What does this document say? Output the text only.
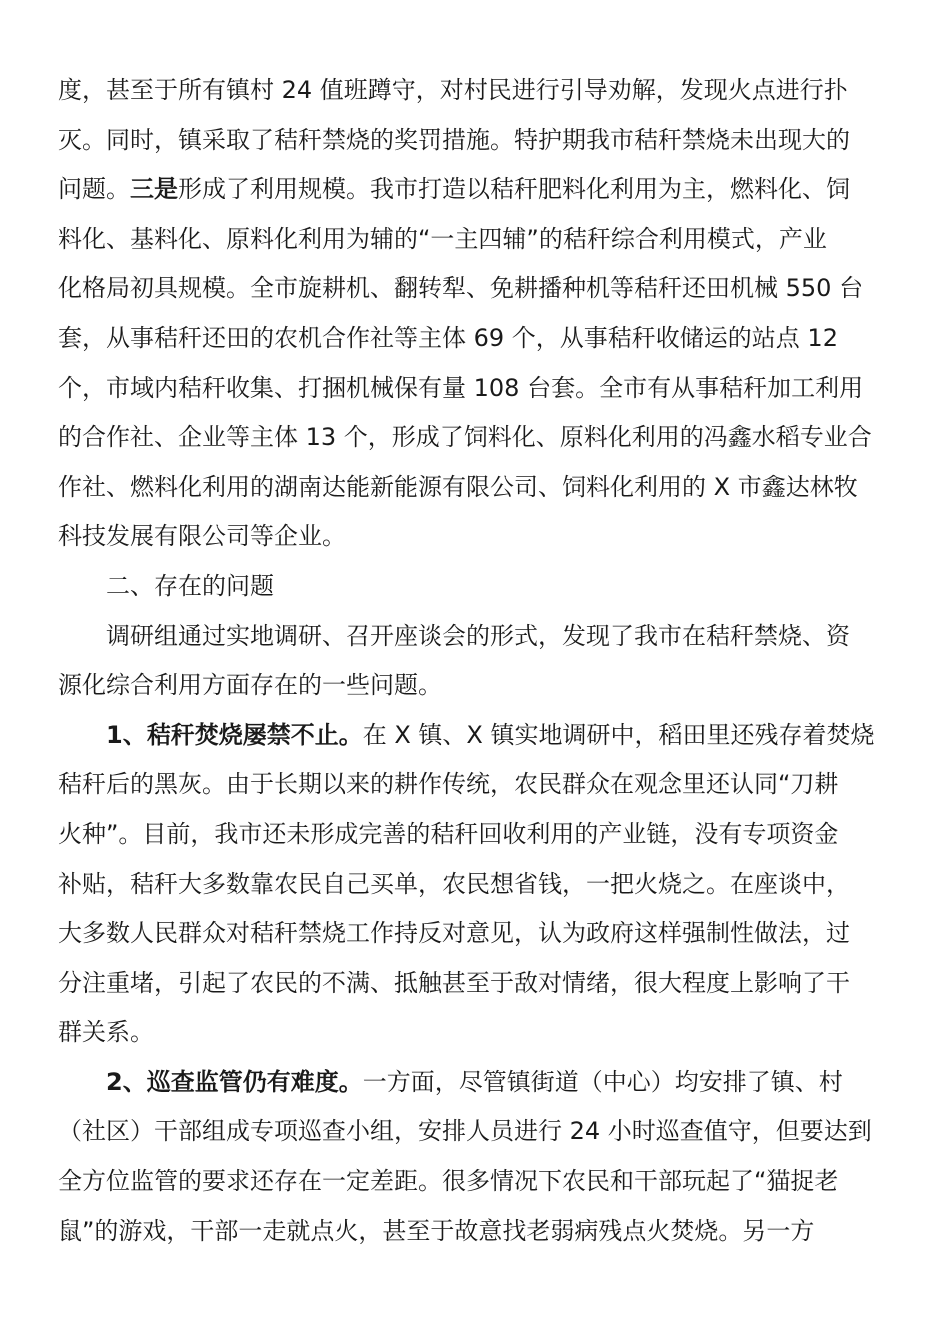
度，甚至于所有镇村 24 值班蹲守，对村民进行引导劝解，发现火点进行扑
灭。同时，镇采取了秸秆禁烧的奖罚措施。特护期我市秸秆禁烧未出现大的
问题。三是形成了利用规模。我市打造以秸秆肥料化利用为主，燃料化、饲
料化、基料化、原料化利用为辅的“一主四辅”的秸秆综合利用模式，产业
化格局初具规模。全市旋耕机、翻转犁、免耕播种机等秸秆还田机械 550 台
套，从事秸秆还田的农机合作社等主体 69 个，从事秸秆收储运的站点 12
个，市域内秸秆收集、打捆机械保有量 108 台套。全市有从事秸秆加工利用
的合作社、企业等主体 13 个，形成了饲料化、原料化利用的冯鑫水稻专业合
作社、燃料化利用的湖南达能新能源有限公司、饲料化利用的 X 市鑫达林牧
科技发展有限公司等企业。
二、存在的问题
调研组通过实地调研、召开座谈会的形式，发现了我市在秸秆禁烧、资
源化综合利用方面存在的一些问题。
1、秸秆焚烧屡禁不止。在 X 镇、X 镇实地调研中，稻田里还残存着焚烧
秸秆后的黑灰。由于长期以来的耕作传统，农民群众在观念里还认同“刀耕
火种”。目前，我市还未形成完善的秸秆回收利用的产业链，没有专项资金
补贴，秸秆大多数靠农民自己买单，农民想省钱，一把火烧之。在座谈中，
大多数人民群众对秸秆禁烧工作持反对意见，认为政府这样强制性做法，过
分注重堵，引起了农民的不满、抵触甚至于敌对情绪，很大程度上影响了干
群关系。
2、巡查监管仍有难度。一方面，尽管镇街道（中心）均安排了镇、村
（社区）干部组成专项巡查小组，安排人员进行 24 小时巡查值守，但要达到
全方位监管的要求还存在一定差距。很多情况下农民和干部玩起了“猫捉老
鼠”的游戏，干部一走就点火，甚至于故意找老弱病残点火焚烧。另一方
